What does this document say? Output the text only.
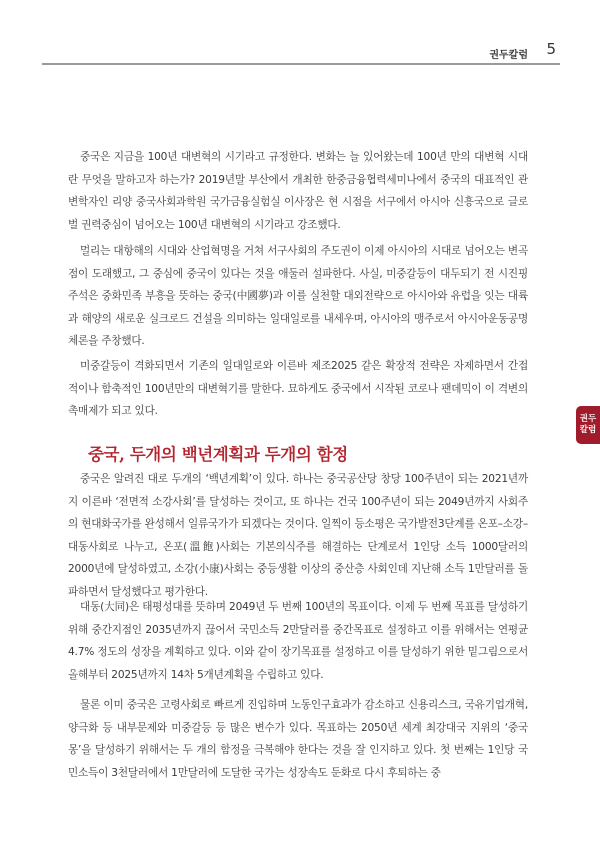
권두칼럼 5
권두
칼럼

중국은 지금을 100년 대변혁의 시기라고 규정한다. 변화는 늘 있어왔는데 100년 만의 대변혁 시대란 무엇을 말하고자 하는가? 2019년말 부산에서 개최한 한중금융협력세미나에서 중국의 대표적인 관변학자인 리양 중국사회과학원 국가금융실험실 이사장은 현 시점을 서구에서 아시아 신흥국으로 글로벌 권력중심이 넘어오는 100년 대변혁의 시기라고 강조했다.

멀리는 대항해의 시대와 산업혁명을 거쳐 서구사회의 주도권이 이제 아시아의 시대로 넘어오는 변곡점이 도래했고, 그 중심에 중국이 있다는 것을 애둘러 설파한다. 사실, 미중갈등이 대두되기 전 시진핑 주석은 중화민족 부흥을 뜻하는 중국(中國夢)과 이를 실천할 대외전략으로 아시아와 유럽을 잇는 대륙과 해양의 새로운 실크로드 건설을 의미하는 일대일로를 내세우며, 아시아의 맹주로서 아시아운동공명체론을 주창했다.

미중갈등이 격화되면서 기존의 일대일로와 이른바 제조2025 같은 확장적 전략은 자제하면서 간접적이나 함축적인 100년만의 대변혁기를 말한다. 묘하게도 중국에서 시작된 코로나 팬데믹이 이 격변의 촉매제가 되고 있다.

중국, 두개의 백년계획과 두개의 함정

중국은 알려진 대로 두개의 ‘백년계획’이 있다. 하나는 중국공산당 창당 100주년이 되는 2021년까지 이른바 ‘전면적 소강사회’를 달성하는 것이고, 또 하나는 건국 100주년이 되는 2049년까지 사회주의 현대화국가를 완성해서 일류국가가 되겠다는 것이다. 일찍이 등소평은 국가발전3단계를 온포–소강–대동사회로 나누고, 온포(溫飽)사회는 기본의식주를 해결하는 단계로서 1인당 소득 1000달러의 2000년에 달성하였고, 소강(小康)사회는 중등생활 이상의 중산층 사회인데 지난해 소득 1만달러를 돌파하면서 달성했다고 평가한다.

대동(大同)은 태평성대를 뜻하며 2049년 두 번째 100년의 목표이다. 이제 두 번째 목표를 달성하기 위해 중간지점인 2035년까지 끊어서 국민소득 2만달러를 중간목표로 설정하고 이를 위해서는 연평균 4.7% 정도의 성장을 계획하고 있다. 이와 같이 장기목표를 설정하고 이를 달성하기 위한 밑그림으로서 올해부터 2025년까지 14차 5개년계획을 수립하고 있다.

물론 이미 중국은 고령사회로 빠르게 진입하며 노동인구효과가 감소하고 신용리스크, 국유기업개혁, 양극화 등 내부문제와 미중갈등 등 많은 변수가 있다. 목표하는 2050년 세계 최강대국 지위의 ‘중국몽’을 달성하기 위해서는 두 개의 함정을 극복해야 한다는 것을 잘 인지하고 있다. 첫 번째는 1인당 국민소득이 3천달러에서 1만달러에 도달한 국가는 성장속도 둔화로 다시 후퇴하는 중
